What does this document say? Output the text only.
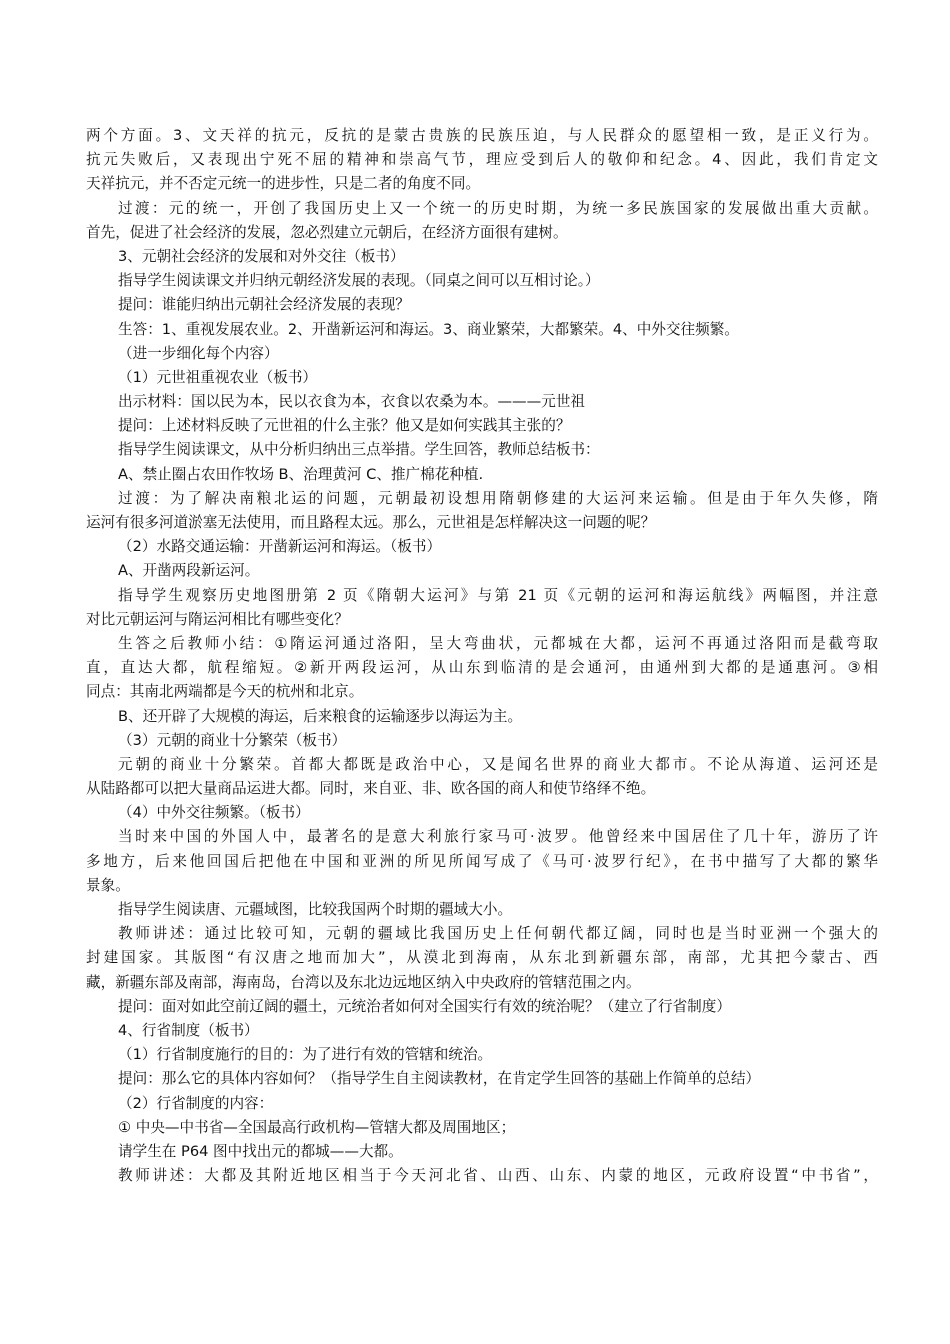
两个方面。3、文天祥的抗元，反抗的是蒙古贵族的民族压迫，与人民群众的愿望相一致，是正义行为。
抗元失败后，又表现出宁死不屈的精神和崇高气节，理应受到后人的敬仰和纪念。4、因此，我们肯定文
天祥抗元，并不否定元统一的进步性，只是二者的角度不同。
过渡：元的统一，开创了我国历史上又一个统一的历史时期，为统一多民族国家的发展做出重大贡献。
首先，促进了社会经济的发展，忽必烈建立元朝后，在经济方面很有建树。
3、元朝社会经济的发展和对外交往（板书）
指导学生阅读课文并归纳元朝经济发展的表现。（同桌之间可以互相讨论。）
提问：谁能归纳出元朝社会经济发展的表现？
生答：1、重视发展农业。2、开凿新运河和海运。3、商业繁荣，大都繁荣。4、中外交往频繁。
（进一步细化每个内容）
（1）元世祖重视农业（板书）
出示材料：国以民为本，民以衣食为本，衣食以农桑为本。———元世祖
提问：上述材料反映了元世祖的什么主张？他又是如何实践其主张的？
指导学生阅读课文，从中分析归纳出三点举措。学生回答，教师总结板书：
A、禁止圈占农田作牧场 B、治理黄河 C、推广棉花种植.
过渡：为了解决南粮北运的问题，元朝最初设想用隋朝修建的大运河来运输。但是由于年久失修，隋
运河有很多河道淤塞无法使用，而且路程太远。那么，元世祖是怎样解决这一问题的呢？
（2）水路交通运输：开凿新运河和海运。（板书）
A、开凿两段新运河。
指导学生观察历史地图册第 2 页《隋朝大运河》与第 21 页《元朝的运河和海运航线》两幅图，并注意
对比元朝运河与隋运河相比有哪些变化？
生答之后教师小结：①隋运河通过洛阳，呈大弯曲状，元都城在大都，运河不再通过洛阳而是截弯取
直，直达大都，航程缩短。②新开两段运河，从山东到临清的是会通河，由通州到大都的是通惠河。③相
同点：其南北两端都是今天的杭州和北京。
B、还开辟了大规模的海运，后来粮食的运输逐步以海运为主。
（3）元朝的商业十分繁荣（板书）
元朝的商业十分繁荣。首都大都既是政治中心，又是闻名世界的商业大都市。不论从海道、运河还是
从陆路都可以把大量商品运进大都。同时，来自亚、非、欧各国的商人和使节络绎不绝。
（4）中外交往频繁。（板书）
当时来中国的外国人中，最著名的是意大利旅行家马可·波罗。他曾经来中国居住了几十年，游历了许
多地方，后来他回国后把他在中国和亚洲的所见所闻写成了《马可·波罗行纪》，在书中描写了大都的繁华
景象。
指导学生阅读唐、元疆域图，比较我国两个时期的疆域大小。
教师讲述：通过比较可知，元朝的疆域比我国历史上任何朝代都辽阔，同时也是当时亚洲一个强大的
封建国家。其版图“有汉唐之地而加大”，从漠北到海南，从东北到新疆东部，南部，尤其把今蒙古、西
藏，新疆东部及南部，海南岛，台湾以及东北边远地区纳入中央政府的管辖范围之内。
提问：面对如此空前辽阔的疆土，元统治者如何对全国实行有效的统治呢？（建立了行省制度）
4、行省制度（板书）
（1）行省制度施行的目的：为了进行有效的管辖和统治。
提问：那么它的具体内容如何？（指导学生自主阅读教材，在肯定学生回答的基础上作简单的总结）
（2）行省制度的内容：
① 中央—中书省—全国最高行政机构—管辖大都及周围地区；
请学生在 P64 图中找出元的都城——大都。
教师讲述：大都及其附近地区相当于今天河北省、山西、山东、内蒙的地区，元政府设置“中书省”，
